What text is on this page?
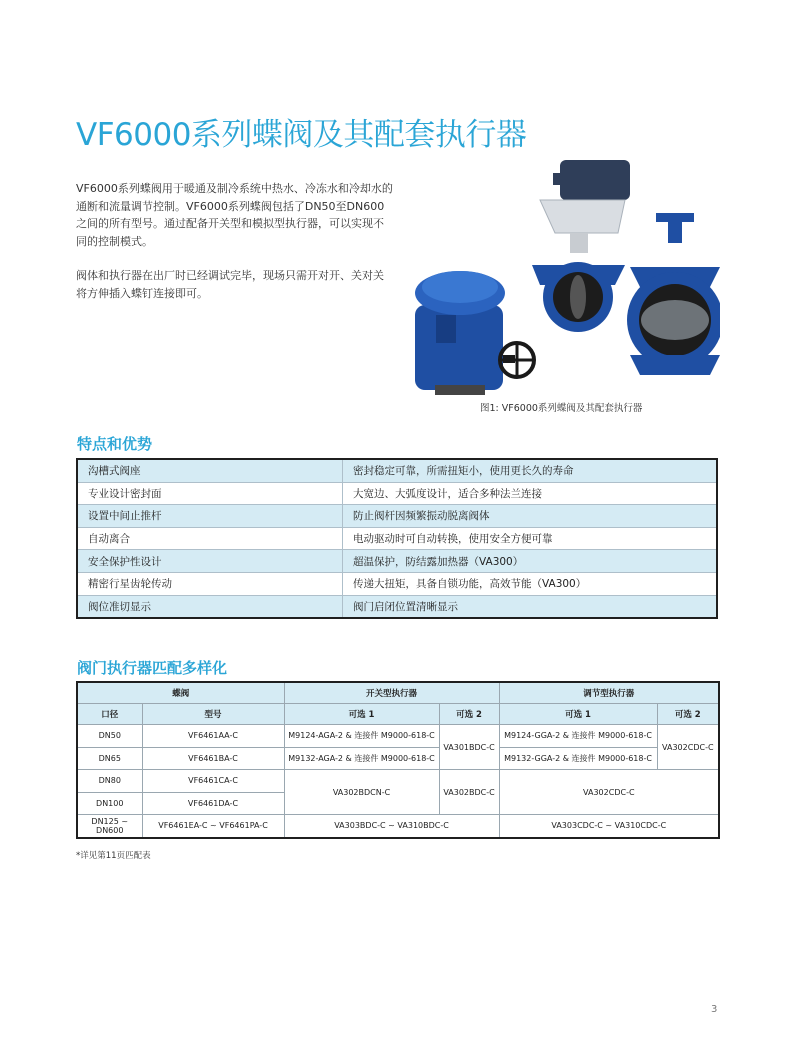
VF6000系列蝶阀及其配套执行器

VF6000系列蝶阀用于暖通及制冷系统中热水、冷冻水和冷却水的通断和流量调节控制。VF6000系列蝶阀包括了DN50至DN600之间的所有型号。通过配备开关型和模拟型执行器，可以实现不同的控制模式。

阀体和执行器在出厂时已经调试完毕，现场只需开对开、关对关将方伸插入蝶钉连接即可。

图1: VF6000系列蝶阀及其配套执行器
特点和优势
沟槽式阀座	密封稳定可靠，所需扭矩小，使用更长久的寿命
专业设计密封面	大宽边、大弧度设计，适合多种法兰连接
设置中间止推杆	防止阀杆因频繁振动脱离阀体
自动离合	电动驱动时可自动转换，使用安全方便可靠
安全保护性设计	超温保护，防结露加热器（VA300）
精密行星齿轮传动	传递大扭矩，具备自锁功能，高效节能（VA300）
阀位准切显示	阀门启闭位置清晰显示
阀门执行器匹配多样化
蝶阀		开关型执行器		调节型执行器	
口径	型号	可选 1	可选 2	可选 1	可选 2
DN50	VF6461AA-C	M9124-AGA-2 & 连接件 M9000-618-C	VA301BDC-C	M9124-GGA-2 & 连接件 M9000-618-C	VA302CDC-C
DN65	VF6461BA-C	M9132-AGA-2 & 连接件 M9000-618-C		M9132-GGA-2 & 连接件 M9000-618-C	
DN80	VF6461CA-C	VA302BDCN-C	VA302BDC-C	VA302CDC-C	
DN100	VF6461DA-C				
DN125 ~ DN600	VF6461EA-C ~ VF6461PA-C	VA303BDC-C ~ VA310BDC-C		VA303CDC-C ~ VA310CDC-C	
*详见第11页匹配表
3
